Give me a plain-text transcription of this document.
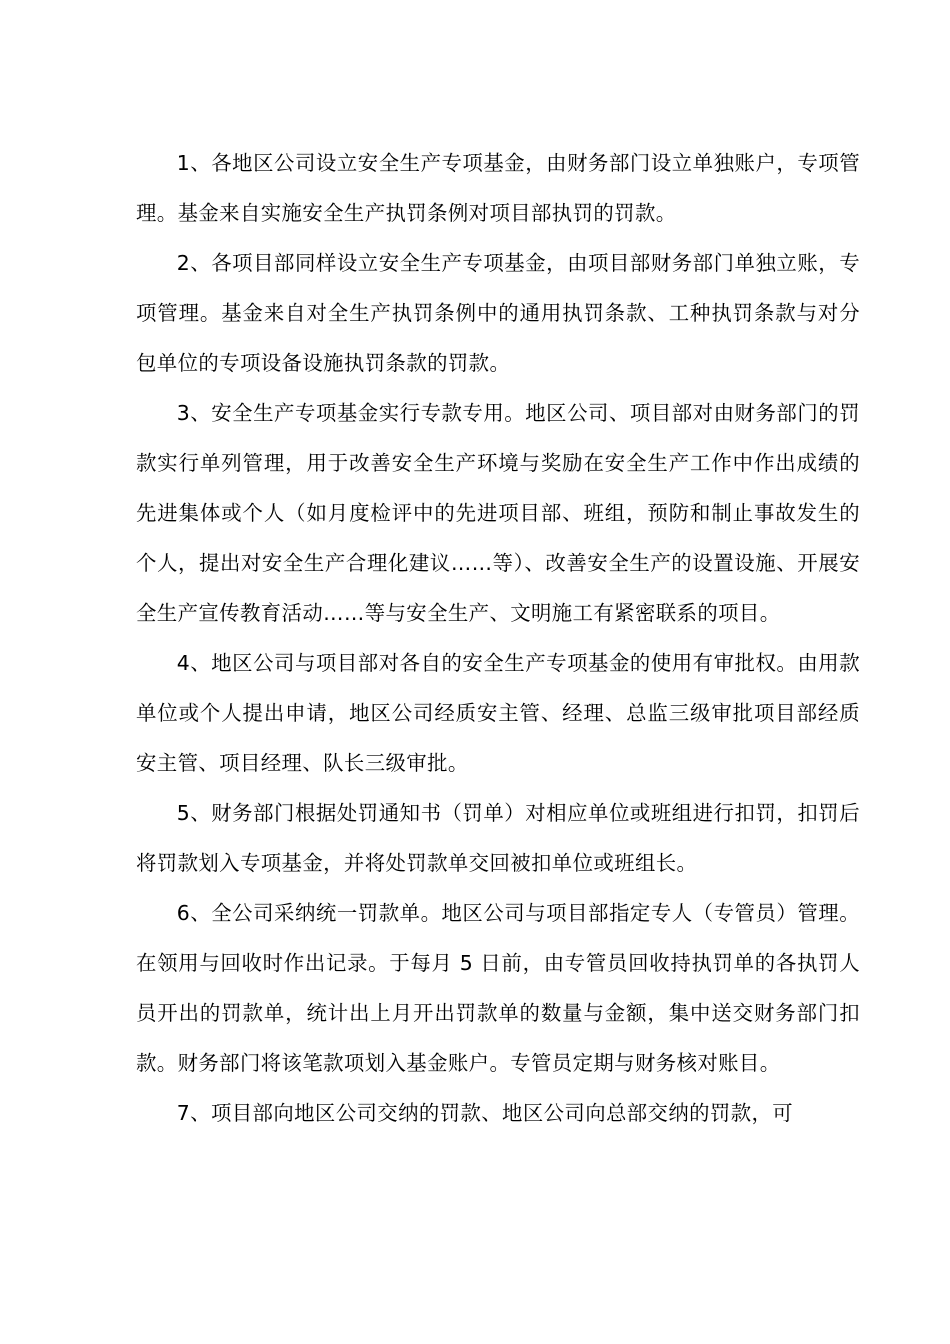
1、各地区公司设立安全生产专项基金，由财务部门设立单独账户，专项管理。基金来自实施安全生产执罚条例对项目部执罚的罚款。

2、各项目部同样设立安全生产专项基金，由项目部财务部门单独立账，专项管理。基金来自对全生产执罚条例中的通用执罚条款、工种执罚条款与对分包单位的专项设备设施执罚条款的罚款。

3、安全生产专项基金实行专款专用。地区公司、项目部对由财务部门的罚款实行单列管理，用于改善安全生产环境与奖励在安全生产工作中作出成绩的先进集体或个人（如月度检评中的先进项目部、班组，预防和制止事故发生的个人，提出对安全生产合理化建议……等）、改善安全生产的设置设施、开展安全生产宣传教育活动……等与安全生产、文明施工有紧密联系的项目。

4、地区公司与项目部对各自的安全生产专项基金的使用有审批权。由用款单位或个人提出申请，地区公司经质安主管、经理、总监三级审批项目部经质安主管、项目经理、队长三级审批。

5、财务部门根据处罚通知书（罚单）对相应单位或班组进行扣罚，扣罚后将罚款划入专项基金，并将处罚款单交回被扣单位或班组长。

6、全公司采纳统一罚款单。地区公司与项目部指定专人（专管员）管理。在领用与回收时作出记录。于每月 5 日前，由专管员回收持执罚单的各执罚人员开出的罚款单，统计出上月开出罚款单的数量与金额，集中送交财务部门扣款。财务部门将该笔款项划入基金账户。专管员定期与财务核对账目。

7、项目部向地区公司交纳的罚款、地区公司向总部交纳的罚款，可
